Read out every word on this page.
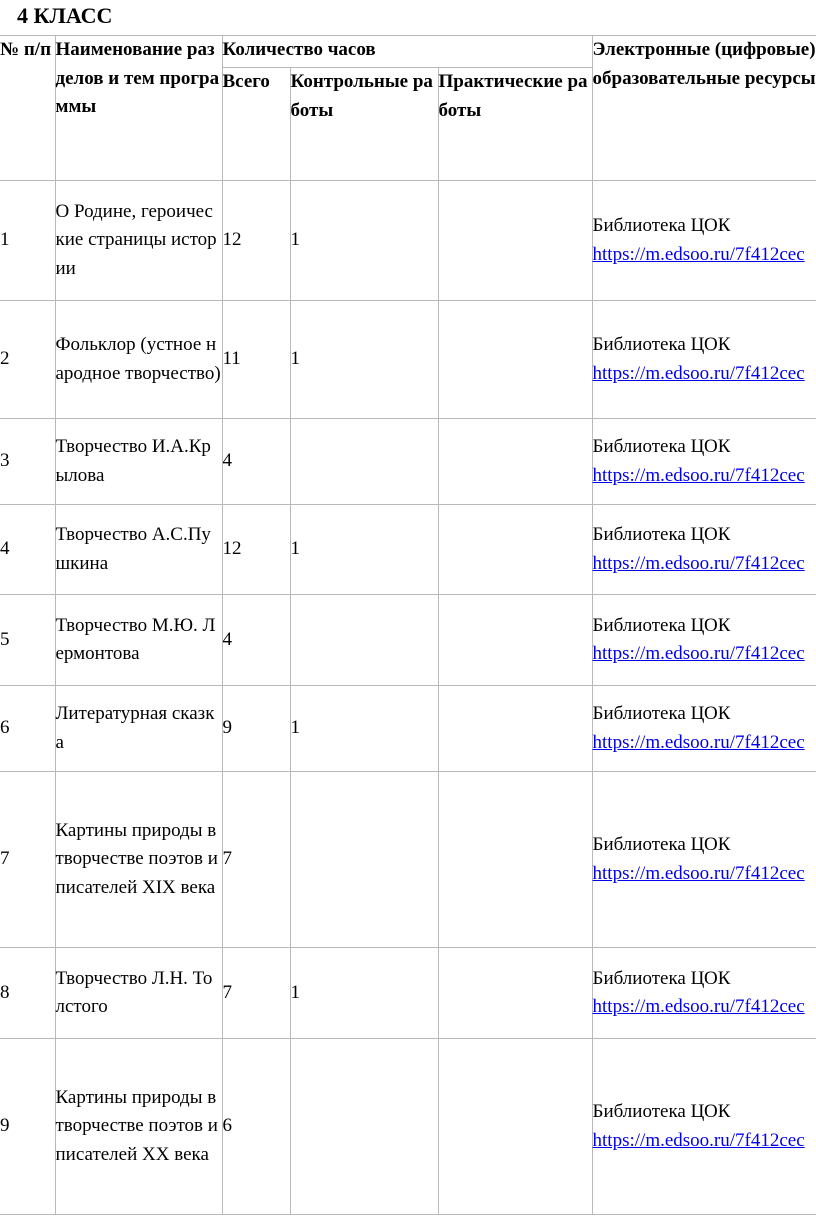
4 КЛАСС
№ п/п	Наименование разделов и тем программы	Количество часов			Электронные (цифровые) образовательные ресурсы
		Всего	Контрольные работы	Практические работы	
1	О Родине, героические страницы истории	12	1		Библиотека ЦОК
https://m.edsoo.ru/7f412cec
2	Фольклор (устное народное творчество)	11	1		Библиотека ЦОК
https://m.edsoo.ru/7f412cec
3	Творчество И.А.Крылова	4			Библиотека ЦОК
https://m.edsoo.ru/7f412cec
4	Творчество А.С.Пушкина	12	1		Библиотека ЦОК
https://m.edsoo.ru/7f412cec
5	Творчество М.Ю. Лермонтова	4			Библиотека ЦОК
https://m.edsoo.ru/7f412cec
6	Литературная сказка	9	1		Библиотека ЦОК
https://m.edsoo.ru/7f412cec
7	Картины природы в творчестве поэтов и писателей XIX века	7			Библиотека ЦОК
https://m.edsoo.ru/7f412cec
8	Творчество Л.Н. Толстого	7	1		Библиотека ЦОК
https://m.edsoo.ru/7f412cec
9	Картины природы в творчестве поэтов и писателей XX века	6			Библиотека ЦОК
https://m.edsoo.ru/7f412cec
